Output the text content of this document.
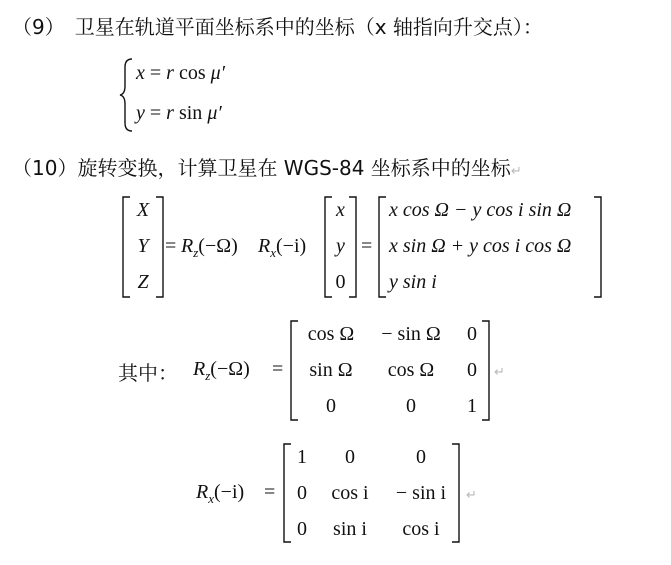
（9） 卫星在轨道平面坐标系中的坐标（x 轴指向升交点）：
x = r cos μ′
y = r sin μ′
（10）旋转变换，计算卫星在 WGS-84 坐标系中的坐标↵
X
Y
Z
= $R_z(-\Omega)$ $R_x(-i)$
x
y
0
=
x cos Ω − y cos i sin Ω
x sin Ω + y cos i cos Ω
y sin i
其中： $R_z(-\Omega)$ =
cos Ω	− sin Ω	0
sin Ω	cos Ω	0
0	0	1
↵
$R_x(-i)$ =
1	0	0
0	cos i	− sin i
0	sin i	cos i
↵
